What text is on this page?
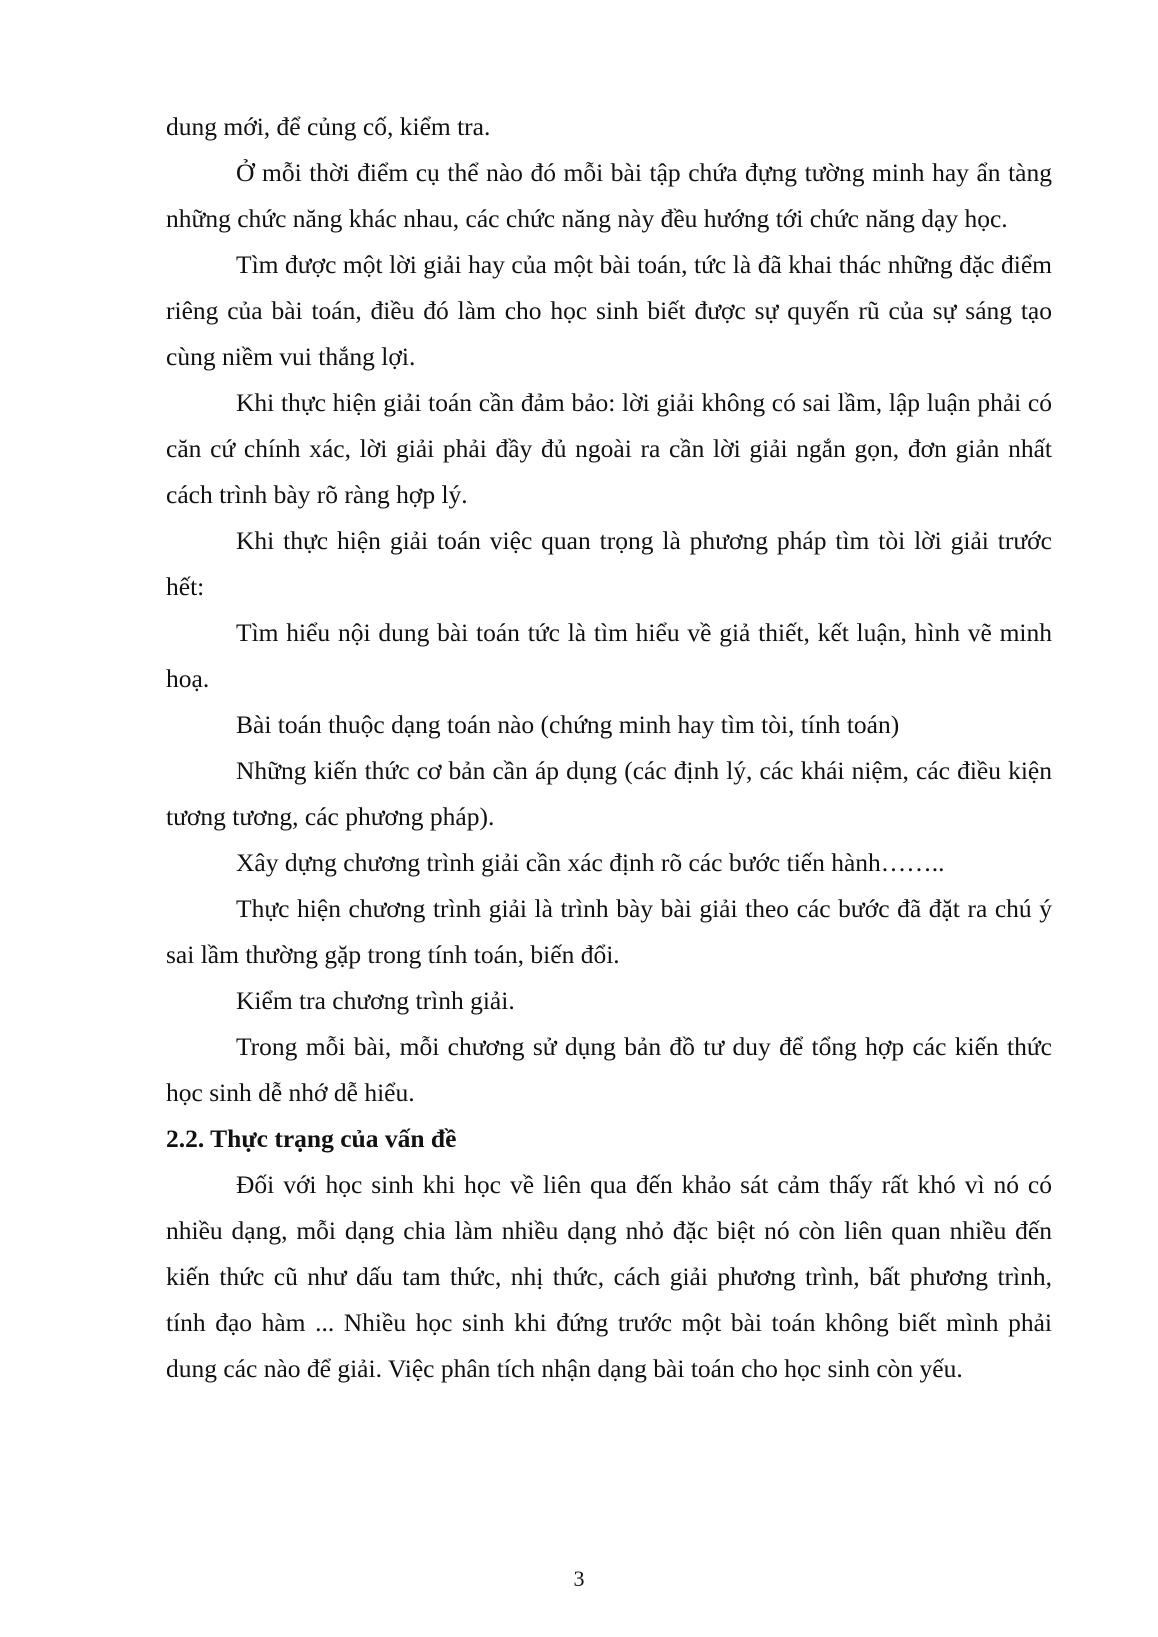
dung mới, để củng cố, kiểm tra.

Ở mỗi thời điểm cụ thể nào đó mỗi bài tập chứa đựng tường minh hay ẩn tàng những chức năng khác nhau, các chức năng này đều hướng tới chức năng dạy học.

Tìm được một lời giải hay của một bài toán, tức là đã khai thác những đặc điểm riêng của bài toán, điều đó làm cho học sinh biết được sự quyến rũ của sự sáng tạo cùng niềm vui thắng lợi.

Khi thực hiện giải toán cần đảm bảo: lời giải không có sai lầm, lập luận phải có căn cứ chính xác, lời giải phải đầy đủ ngoài ra cần lời giải ngắn gọn, đơn giản nhất cách trình bày rõ ràng hợp lý.

Khi thực hiện giải toán việc quan trọng là phương pháp tìm tòi lời giải trước hết:

Tìm hiểu nội dung bài toán tức là tìm hiểu về giả thiết, kết luận, hình vẽ minh hoạ.

Bài toán thuộc dạng toán nào (chứng minh hay tìm tòi, tính toán)

Những kiến thức cơ bản cần áp dụng (các định lý, các khái niệm, các điều kiện tương tương, các phương pháp).

Xây dựng chương trình giải cần xác định rõ các bước tiến hành……..

Thực hiện chương trình giải là trình bày bài giải theo các bước đã đặt ra chú ý sai lầm thường gặp trong tính toán, biến đổi.

Kiểm tra chương trình giải.

Trong mỗi bài, mỗi chương sử dụng bản đồ tư duy để tổng hợp các kiến thức học sinh dễ nhớ dễ hiểu.

2.2. Thực trạng của vấn đề

Đối với học sinh khi học về liên qua đến khảo sát cảm thấy rất khó vì nó có nhiều dạng, mỗi dạng chia làm nhiều dạng nhỏ đặc biệt nó còn liên quan nhiều đến kiến thức cũ như dấu tam thức, nhị thức, cách giải phương trình, bất phương trình, tính đạo hàm ... Nhiều học sinh khi đứng trước một bài toán không biết mình phải dung các nào để giải. Việc phân tích nhận dạng bài toán cho học sinh còn yếu.

3
